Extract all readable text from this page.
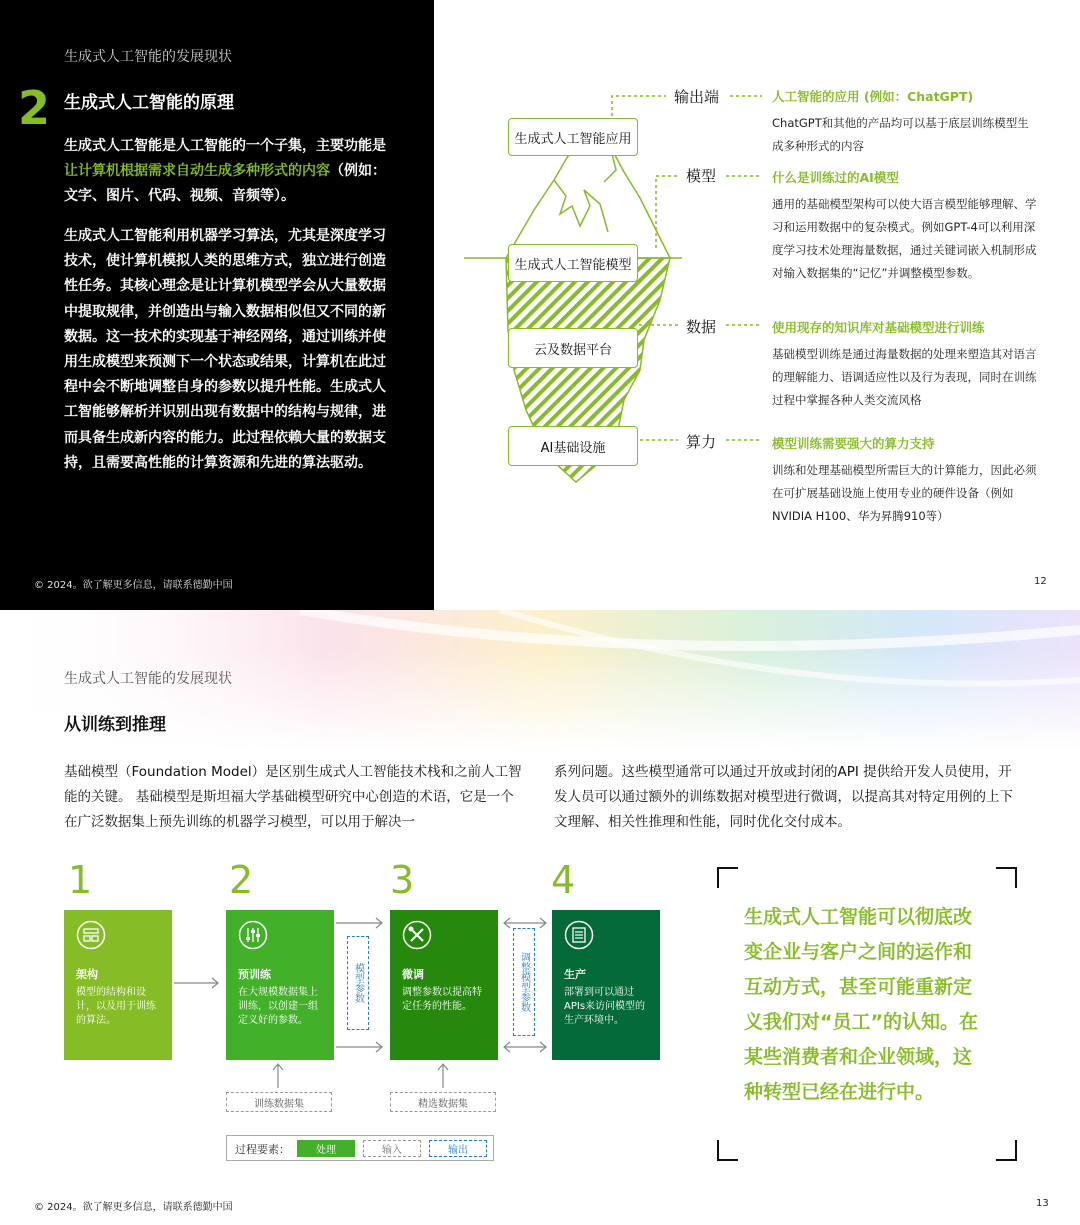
生成式人工智能的发展现状
2 生成式人工智能的原理
生成式人工智能是人工智能的一个子集，主要功能是让计算机根据需求自动生成多种形式的内容（例如：文字、图片、代码、视频、音频等）。
生成式人工智能利用机器学习算法，尤其是深度学习技术，使计算机模拟人类的思维方式，独立进行创造性任务。其核心理念是让计算机模型学会从大量数据中提取规律，并创造出与输入数据相似但又不同的新数据。这一技术的实现基于神经网络，通过训练并使用生成模型来预测下一个状态或结果，计算机在此过程中会不断地调整自身的参数以提升性能。生成式人工智能够解析并识别出现有数据中的结构与规律，进而具备生成新内容的能力。此过程依赖大量的数据支持，且需要高性能的计算资源和先进的算法驱动。
© 2024。欲了解更多信息，请联系德勤中国
生成式人工智能应用
生成式人工智能模型
云及数据平台
AI基础设施
输出端	人工智能的应用 (例如：ChatGPT)
ChatGPT和其他的产品均可以基于底层训练模型生成多种形式的内容
模型	什么是训练过的AI模型
通用的基础模型架构可以使大语言模型能够理解、学习和运用数据中的复杂模式。例如GPT-4可以利用深度学习技术处理海量数据，通过关键词嵌入机制形成对输入数据集的“记忆”并调整模型参数。
数据	使用现存的知识库对基础模型进行训练
基础模型训练是通过海量数据的处理来塑造其对语言的理解能力、语调适应性以及行为表现，同时在训练过程中掌握各种人类交流风格
算力	模型训练需要强大的算力支持
训练和处理基础模型所需巨大的计算能力，因此必须在可扩展基础设施上使用专业的硬件设备（例如NVIDIA H100、华为昇腾910等）
12
生成式人工智能的发展现状
从训练到推理
基础模型（Foundation Model）是区别生成式人工智能技术栈和之前人工智能的关键。 基础模型是斯坦福大学基础模型研究中心创造的术语，它是一个在广泛数据集上预先训练的机器学习模型，可以用于解决一
系列问题。这些模型通常可以通过开放或封闭的API 提供给开发人员使用，开发人员可以通过额外的训练数据对模型进行微调，以提高其对特定用例的上下文理解、相关性推理和性能，同时优化交付成本。
1	2	3	4
架构
模型的结构和设计，以及用于训练的算法。
预训练
在大规模数据集上训练，以创建一组定义好的参数。
微调
调整参数以提高特定任务的性能。
生产
部署到可以通过APIs来访问模型的生产环境中。
模型参数	调整模型参数
训练数据集	精选数据集
过程要素：	处理	输入	输出
生成式人工智能可以彻底改变企业与客户之间的运作和互动方式，甚至可能重新定义我们对“员工”的认知。在某些消费者和企业领域，这种转型已经在进行中。
© 2024。欲了解更多信息，请联系德勤中国	13
